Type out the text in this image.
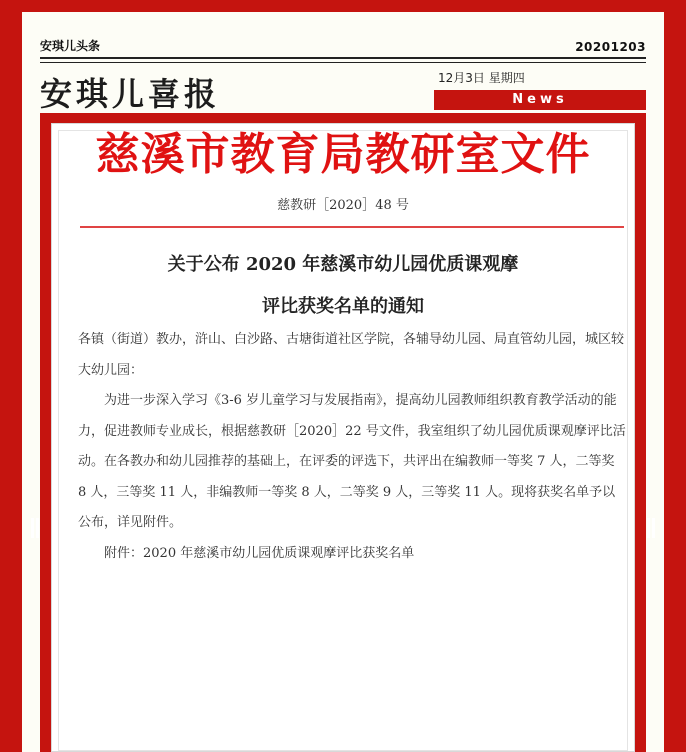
安琪儿头条	20201203
安琪儿喜报	12月3日 星期四
News
慈溪市教育局教研室文件
慈教研［2020］48 号
关于公布 2020 年慈溪市幼儿园优质课观摩
评比获奖名单的通知

各镇（街道）教办，浒山、白沙路、古塘街道社区学院，各辅导幼儿园、局直管幼儿园，城区较大幼儿园：

为进一步深入学习《3-6 岁儿童学习与发展指南》，提高幼儿园教师组织教育教学活动的能力，促进教师专业成长，根据慈教研［2020］22 号文件，我室组织了幼儿园优质课观摩评比活动。在各教办和幼儿园推荐的基础上，在评委的评选下，共评出在编教师一等奖 7 人，二等奖 8 人，三等奖 11 人，非编教师一等奖 8 人，二等奖 9 人，三等奖 11 人。现将获奖名单予以公布，详见附件。

附件：2020 年慈溪市幼儿园优质课观摩评比获奖名单
